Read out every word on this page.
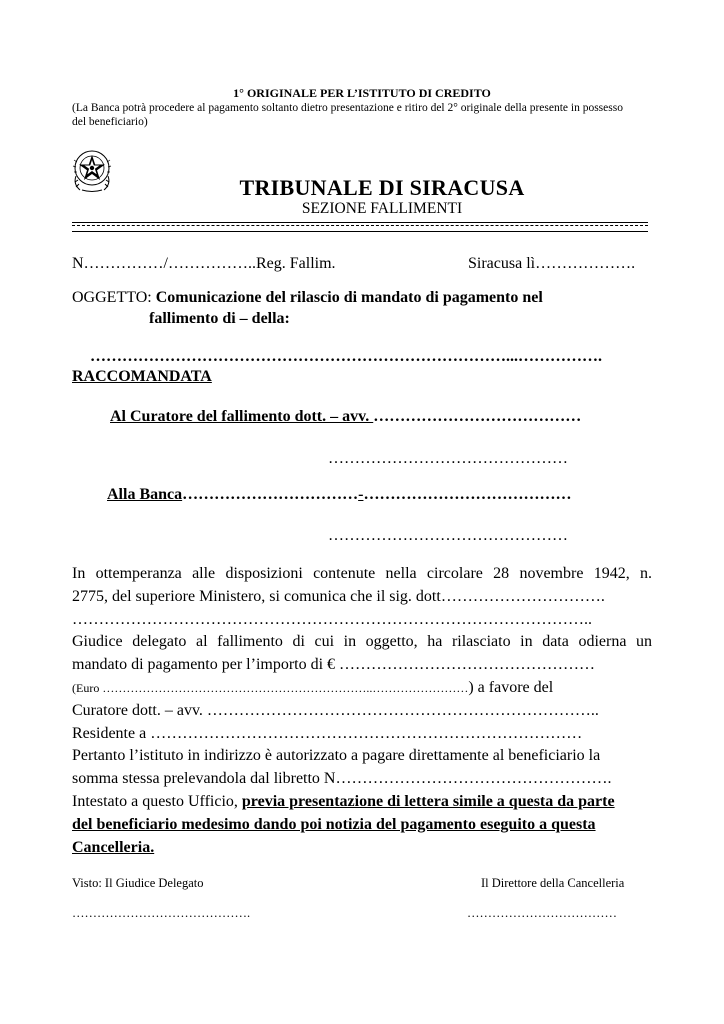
1° ORIGINALE PER L’ISTITUTO DI CREDITO
(La Banca potrà procedere al pagamento soltanto dietro presentazione e ritiro del 2° originale della presente in possesso del beneficiario)
TRIBUNALE DI SIRACUSA
SEZIONE FALLIMENTI
N……………/……………..Reg. Fallim.	Siracusa lì……………….
OGGETTO: Comunicazione del rilascio di mandato di pagamento nel
fallimento di – della:
……………………………………………………………………...…………….
RACCOMANDATA
Al Curatore del fallimento dott. – avv. …………………………………
………………………………………
Alla Banca……………………………-…………………………………
………………………………………
In ottemperanza alle disposizioni contenute nella circolare 28 novembre 1942, n.
2775, del superiore Ministero, si comunica che il sig. dott………………………….
……………………………………………………………………………………..
Giudice delegato al fallimento di cui in oggetto, ha rilasciato in data odierna un
mandato di pagamento per l’importo di € …………………………………………
(Euro …………………………………………………………..……………………) a favore del
Curatore dott. – avv. ………………………………………………………………..
Residente a ………………………………………………………………………
Pertanto l’istituto in indirizzo è autorizzato a pagare direttamente al beneficiario la
somma stessa prelevandola dal libretto N…………………………………………….
Intestato a questo Ufficio, previa presentazione di lettera simile a questa da parte
del beneficiario medesimo dando poi notizia del pagamento eseguito a questa
Cancelleria.
Visto: Il Giudice Delegato	Il Direttore della Cancelleria
…………………………………….	………………………………
